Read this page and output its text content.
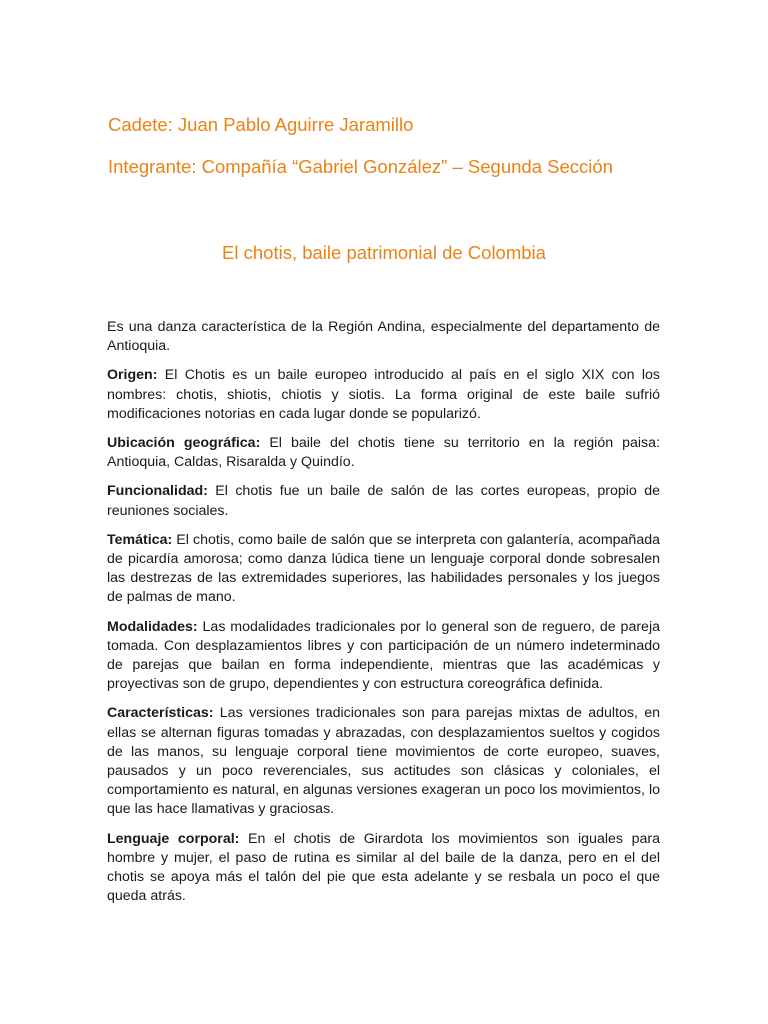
Cadete: Juan Pablo Aguirre Jaramillo
Integrante: Compañía “Gabriel González” – Segunda Sección
El chotis, baile patrimonial de Colombia

Es una danza característica de la Región Andina, especialmente del departamento de Antioquia.

Origen: El Chotis es un baile europeo introducido al país en el siglo XIX con los nombres: chotis, shiotis, chiotis y siotis. La forma original de este baile sufrió modificaciones notorias en cada lugar donde se popularizó.

Ubicación geográfica: El baile del chotis tiene su territorio en la región paisa: Antioquia, Caldas, Risaralda y Quindío.

Funcionalidad: El chotis fue un baile de salón de las cortes europeas, propio de reuniones sociales.

Temática: El chotis, como baile de salón que se interpreta con galantería, acompañada de picardía amorosa; como danza lúdica tiene un lenguaje corporal donde sobresalen las destrezas de las extremidades superiores, las habilidades personales y los juegos de palmas de mano.

Modalidades: Las modalidades tradicionales por lo general son de reguero, de pareja tomada. Con desplazamientos libres y con participación de un número indeterminado de parejas que bailan en forma independiente, mientras que las académicas y proyectivas son de grupo, dependientes y con estructura coreográfica definida.

Características: Las versiones tradicionales son para parejas mixtas de adultos, en ellas se alternan figuras tomadas y abrazadas, con desplazamientos sueltos y cogidos de las manos, su lenguaje corporal tiene movimientos de corte europeo, suaves, pausados y un poco reverenciales, sus actitudes son clásicas y coloniales, el comportamiento es natural, en algunas versiones exageran un poco los movimientos, lo que las hace llamativas y graciosas.

Lenguaje corporal: En el chotis de Girardota los movimientos son iguales para hombre y mujer, el paso de rutina es similar al del baile de la danza, pero en el del chotis se apoya más el talón del pie que esta adelante y se resbala un poco el que queda atrás.
